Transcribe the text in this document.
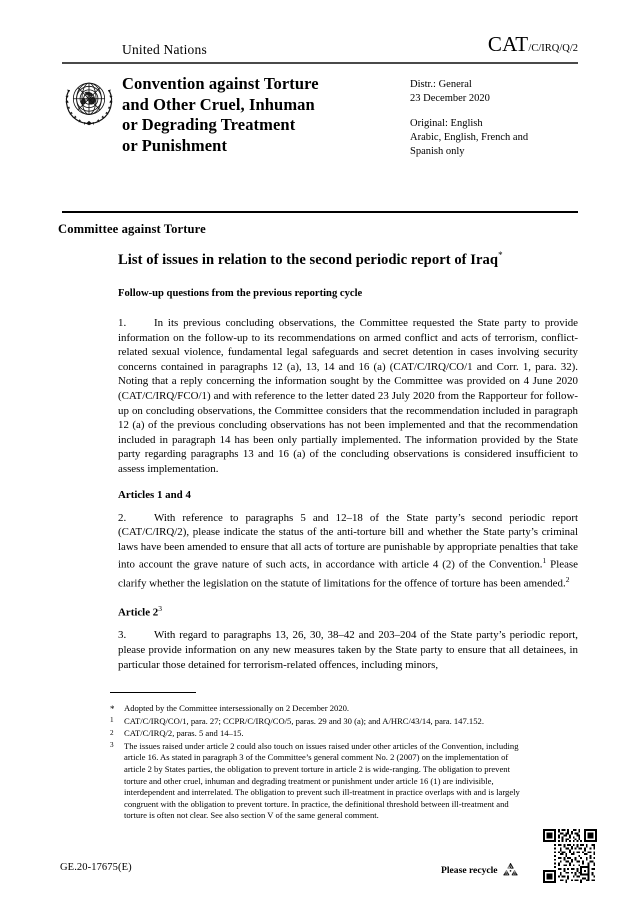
United Nations	CAT/C/IRQ/Q/2
Convention against Torture
and Other Cruel, Inhuman
or Degrading Treatment
or Punishment
Distr.: General
23 December 2020
Original: English
Arabic, English, French and
Spanish only
Committee against Torture
List of issues in relation to the second periodic report of Iraq*
Follow-up questions from the previous reporting cycle

1.	In its previous concluding observations, the Committee requested the State party to provide information on the follow-up to its recommendations on armed conflict and acts of terrorism, conflict-related sexual violence, fundamental legal safeguards and secret detention in cases involving security concerns contained in paragraphs 12 (a), 13, 14 and 16 (a) (CAT/C/IRQ/CO/1 and Corr. 1, para. 32). Noting that a reply concerning the information sought by the Committee was provided on 4 June 2020 (CAT/C/IRQ/FCO/1) and with reference to the letter dated 23 July 2020 from the Rapporteur for follow-up on concluding observations, the Committee considers that the recommendation included in paragraph 12 (a) of the previous concluding observations has not been implemented and that the recommendation included in paragraph 14 has been only partially implemented. The information provided by the State party regarding paragraphs 13 and 16 (a) of the concluding observations is considered insufficient to assess implementation.

Articles 1 and 4

2.	With reference to paragraphs 5 and 12–18 of the State party’s second periodic report (CAT/C/IRQ/2), please indicate the status of the anti-torture bill and whether the State party’s criminal laws have been amended to ensure that all acts of torture are punishable by appropriate penalties that take into account the grave nature of such acts, in accordance with article 4 (2) of the Convention.$^1$ Please clarify whether the legislation on the statute of limitations for the offence of torture has been amended.$^2$

Article $2^3$

3.	With regard to paragraphs 13, 26, 30, 38–42 and 203–204 of the State party’s periodic report, please provide information on any new measures taken by the State party to ensure that all detainees, in particular those detained for terrorism-related offences, including minors,

*	Adopted by the Committee intersessionally on 2 December 2020.
1	CAT/C/IRQ/CO/1, para. 27; CCPR/C/IRQ/CO/5, paras. 29 and 30 (a); and A/HRC/43/14, para. 147.152.
2	CAT/C/IRQ/2, paras. 5 and 14–15.
3	The issues raised under article 2 could also touch on issues raised under other articles of the Convention, including article 16. As stated in paragraph 3 of the Committee’s general comment No. 2 (2007) on the implementation of article 2 by States parties, the obligation to prevent torture in article 2 is wide-ranging. The obligation to prevent torture and other cruel, inhuman and degrading treatment or punishment under article 16 (1) are indivisible, interdependent and interrelated. The obligation to prevent such ill-treatment in practice overlaps with and is largely congruent with the obligation to prevent torture. In practice, the definitional threshold between ill-treatment and torture is often not clear. See also section V of the same general comment.
GE.20-17675(E)	Please recycle
